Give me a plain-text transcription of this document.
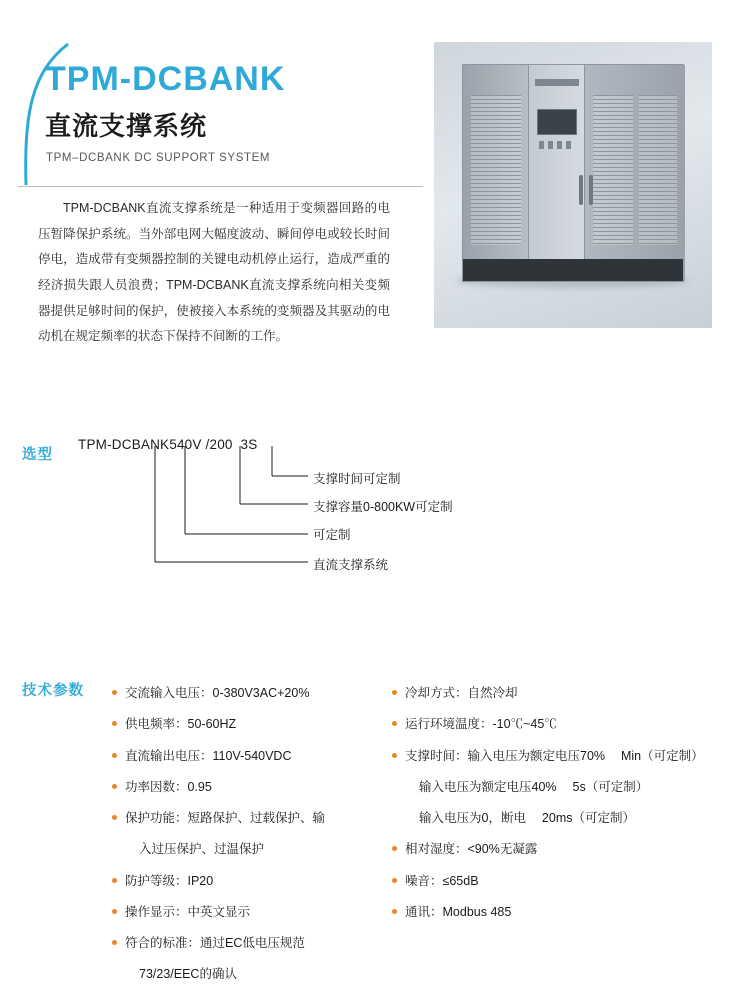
TPM-DCBANK
直流支撑系统
TPM–DCBANK DC SUPPORT SYSTEM

TPM-DCBANK直流支撑系统是一种适用于变频器回路的电压暂降保护系统。当外部电网大幅度波动、瞬间停电或较长时间停电，造成带有变频器控制的关键电动机停止运行，造成严重的经济损失跟人员浪费；TPM-DCBANK直流支撑系统向相关变频器提供足够时间的保护，使被接入本系统的变频器及其驱动的电动机在规定频率的状态下保持不间断的工作。

选型
TPM-DCBANK540V /200  3S
支撑时间可定制
支撑容量0-800KW可定制
可定制
直流支撑系统
技术参数	交流输入电压：0-380V3AC+20%
供电频率：50-60HZ
直流输出电压：110V-540VDC
功率因数：0.95
保护功能：短路保护、过载保护、输
入过压保护、过温保护
防护等级：IP20
操作显示：中英文显示
符合的标准：通过EC低电压规范
73/23/EEC的确认
冷却方式：自然冷却
运行环境温度：-10℃~45℃
支撑时间：输入电压为额定电压70%　 Min（可定制）
输入电压为额定电压40%　 5s（可定制）
输入电压为0，断电　 20ms（可定制）
相对湿度：<90%无凝露
噪音：≤65dB
通讯：Modbus 485
